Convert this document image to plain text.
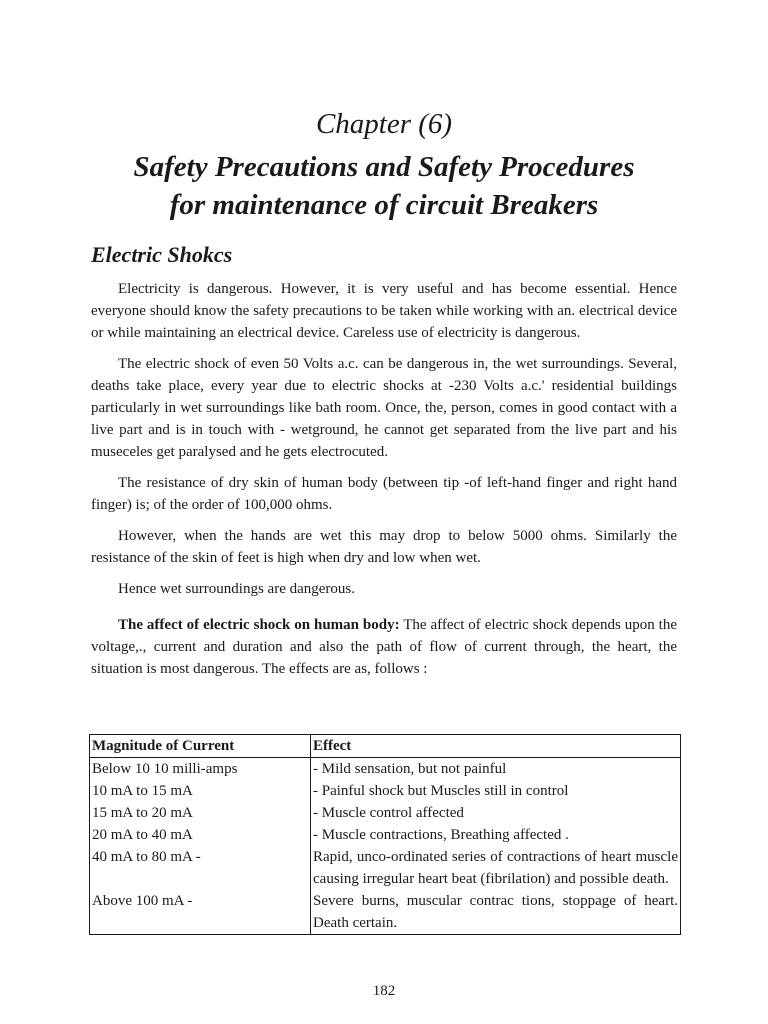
Chapter (6)
Safety Precautions and Safety Procedures
for maintenance of circuit Breakers
Electric Shokcs

Electricity is dangerous. However, it is very useful and has become essential. Hence everyone should know the safety precautions to be taken while working with an. electrical device or while maintaining an electrical device. Careless use of electricity is dangerous.

The electric shock of even 50 Volts a.c. can be dangerous in, the wet surroundings. Several, deaths take place, every year due to electric shocks at -230 Volts a.c.' residential buildings particularly in wet surroundings like bath room. Once, the, person, comes in good contact with a live part and is in touch with - wetground, he cannot get separated from the live part and his museceles get paralysed and he gets electrocuted.

The resistance of dry skin of human body (between tip -of left-hand finger and right hand finger) is; of the order of 100,000 ohms.

However, when the hands are wet this may drop to below 5000 ohms. Similarly the resistance of the skin of feet is high when dry and low when wet.

Hence wet surroundings are dangerous.

The affect of electric shock on human body: The affect of electric shock depends upon the voltage,., current and duration and also the path of flow of current through, the heart, the situation is most dangerous. The effects are as, follows :

Magnitude of Current	Effect
Below 10 10 milli-amps	- Mild sensation, but not painful
10 mA to 15 mA	- Painful shock but Muscles still in control
15 mA to 20 mA	- Muscle control affected
20 mA to 40 mA	- Muscle contractions, Breathing affected .
40 mA to 80 mA -	Rapid, unco-ordinated series of contractions of heart muscle causing irregular heart beat (fibrilation) and possible death.
Above 100 mA -	Severe burns, muscular contrac tions, stoppage of heart. Death certain.
182
